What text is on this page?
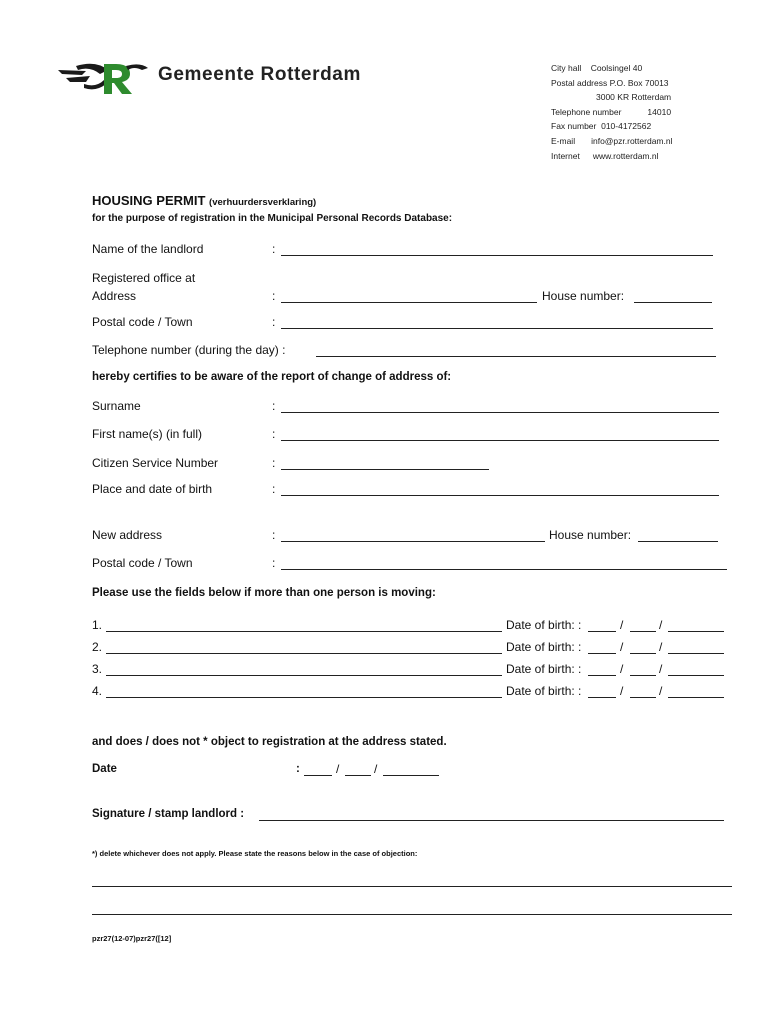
Gemeente Rotterdam	City hall Coolsingel 40
Postal address P.O. Box 70013
3000 KR Rotterdam
Telephone number	14010
Fax number 010-4172562
E-mail info@pzr.rotterdam.nl
Internet www.rotterdam.nl
HOUSING PERMIT (verhuurdersverklaring)
for the purpose of registration in the Municipal Personal Records Database:
Name of the landlord	:
Registered office at
Address	:	House number:
Postal code / Town	:
Telephone number (during the day) :
hereby certifies to be aware of the report of change of address of:
Surname	:
First name(s) (in full)	:
Citizen Service Number	:
Place and date of birth	:
New address	:	House number:
Postal code / Town	:
Please use the fields below if more than one person is moving:
1.	Date of birth: :	/	/
2.	Date of birth: :	/	/
3.	Date of birth: :	/	/
4.	Date of birth: :	/	/
and does / does not * object to registration at the address stated.
Date	:	/	/
Signature / stamp landlord :
*) delete whichever does not apply. Please state the reasons below in the case of objection:
pzr27(12-07)pzr27([12]
